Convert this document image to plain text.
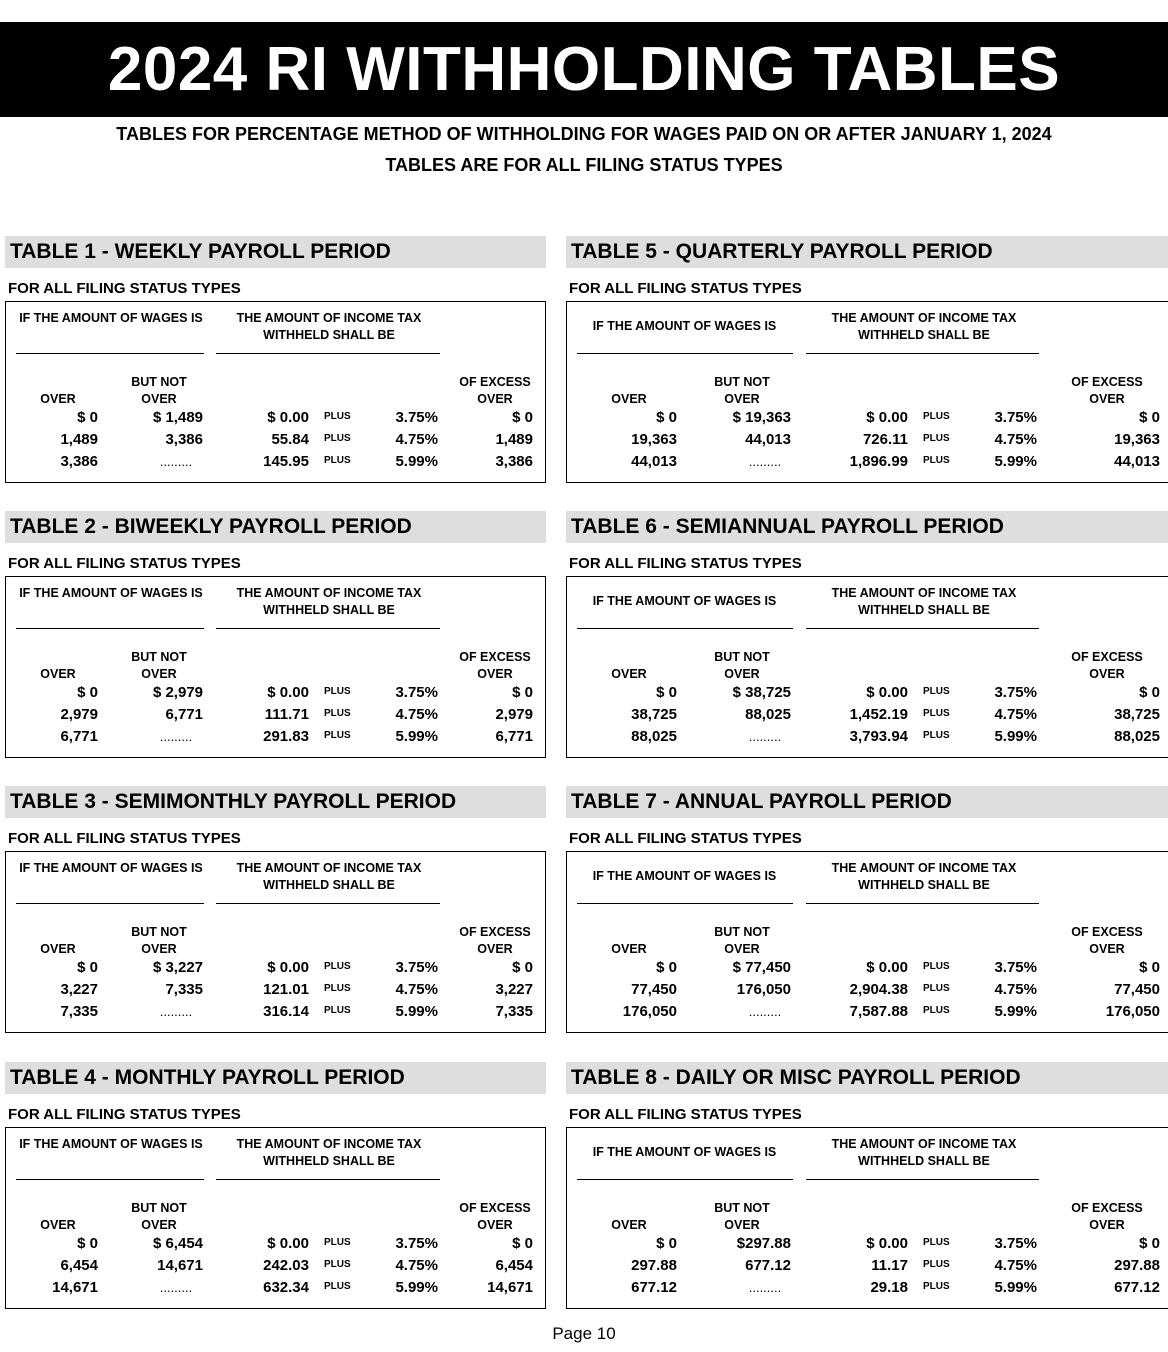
2024 RI WITHHOLDING TABLES
TABLES FOR PERCENTAGE METHOD OF WITHHOLDING FOR WAGES PAID ON OR AFTER JANUARY 1, 2024
TABLES ARE FOR ALL FILING STATUS TYPES
TABLE 1 - WEEKLY PAYROLL PERIOD
FOR ALL FILING STATUS TYPES
IF THE AMOUNT OF WAGES IS	THE AMOUNT OF INCOME TAX WITHHELD SHALL BE
OVER
BUT NOT OVER
OF EXCESS OVER
$ 0	$ 1,489	$ 0.00 PLUS	3.75%	$ 0
1,489	3,386	55.84 PLUS	4.75%	1,489
3,386	.........	145.95 PLUS	5.99%	3,386
TABLE 2 - BIWEEKLY PAYROLL PERIOD
FOR ALL FILING STATUS TYPES
IF THE AMOUNT OF WAGES IS	THE AMOUNT OF INCOME TAX WITHHELD SHALL BE
OVER
BUT NOT OVER
OF EXCESS OVER
$ 0	$ 2,979	$ 0.00 PLUS	3.75%	$ 0
2,979	6,771	111.71 PLUS	4.75%	2,979
6,771	.........	291.83 PLUS	5.99%	6,771
TABLE 3 - SEMIMONTHLY PAYROLL PERIOD
FOR ALL FILING STATUS TYPES
IF THE AMOUNT OF WAGES IS	THE AMOUNT OF INCOME TAX WITHHELD SHALL BE
OVER
BUT NOT OVER
OF EXCESS OVER
$ 0	$ 3,227	$ 0.00 PLUS	3.75%	$ 0
3,227	7,335	121.01 PLUS	4.75%	3,227
7,335	.........	316.14 PLUS	5.99%	7,335
TABLE 4 - MONTHLY PAYROLL PERIOD
FOR ALL FILING STATUS TYPES
IF THE AMOUNT OF WAGES IS	THE AMOUNT OF INCOME TAX WITHHELD SHALL BE
OVER
BUT NOT OVER
OF EXCESS OVER
$ 0	$ 6,454	$ 0.00 PLUS	3.75%	$ 0
6,454	14,671	242.03 PLUS	4.75%	6,454
14,671	.........	632.34 PLUS	5.99%	14,671
TABLE 5 - QUARTERLY PAYROLL PERIOD
FOR ALL FILING STATUS TYPES
IF THE AMOUNT OF WAGES IS
THE AMOUNT OF INCOME TAX WITHHELD SHALL BE
OVER
BUT NOT OVER
OF EXCESS OVER
$ 0	$ 19,363	$ 0.00 PLUS	3.75%	$ 0
19,363	44,013	726.11 PLUS	4.75%	19,363
44,013	.........	1,896.99 PLUS	5.99%	44,013
TABLE 6 - SEMIANNUAL PAYROLL PERIOD
FOR ALL FILING STATUS TYPES
IF THE AMOUNT OF WAGES IS
THE AMOUNT OF INCOME TAX WITHHELD SHALL BE
OVER
BUT NOT OVER
OF EXCESS OVER
$ 0	$ 38,725	$ 0.00 PLUS	3.75%	$ 0
38,725	88,025	1,452.19 PLUS	4.75%	38,725
88,025	.........	3,793.94 PLUS	5.99%	88,025
TABLE 7 - ANNUAL PAYROLL PERIOD
FOR ALL FILING STATUS TYPES
IF THE AMOUNT OF WAGES IS
THE AMOUNT OF INCOME TAX WITHHELD SHALL BE
OVER
BUT NOT OVER
OF EXCESS OVER
$ 0	$ 77,450	$ 0.00 PLUS	3.75%	$ 0
77,450	176,050	2,904.38 PLUS	4.75%	77,450
176,050	.........	7,587.88 PLUS	5.99%	176,050
TABLE 8 - DAILY OR MISC PAYROLL PERIOD
FOR ALL FILING STATUS TYPES
IF THE AMOUNT OF WAGES IS
THE AMOUNT OF INCOME TAX WITHHELD SHALL BE
OVER
BUT NOT OVER
OF EXCESS OVER
$ 0	$297.88	$ 0.00 PLUS	3.75%	$ 0
297.88	677.12	11.17 PLUS	4.75%	297.88
677.12	.........	29.18 PLUS	5.99%	677.12
Page 10
